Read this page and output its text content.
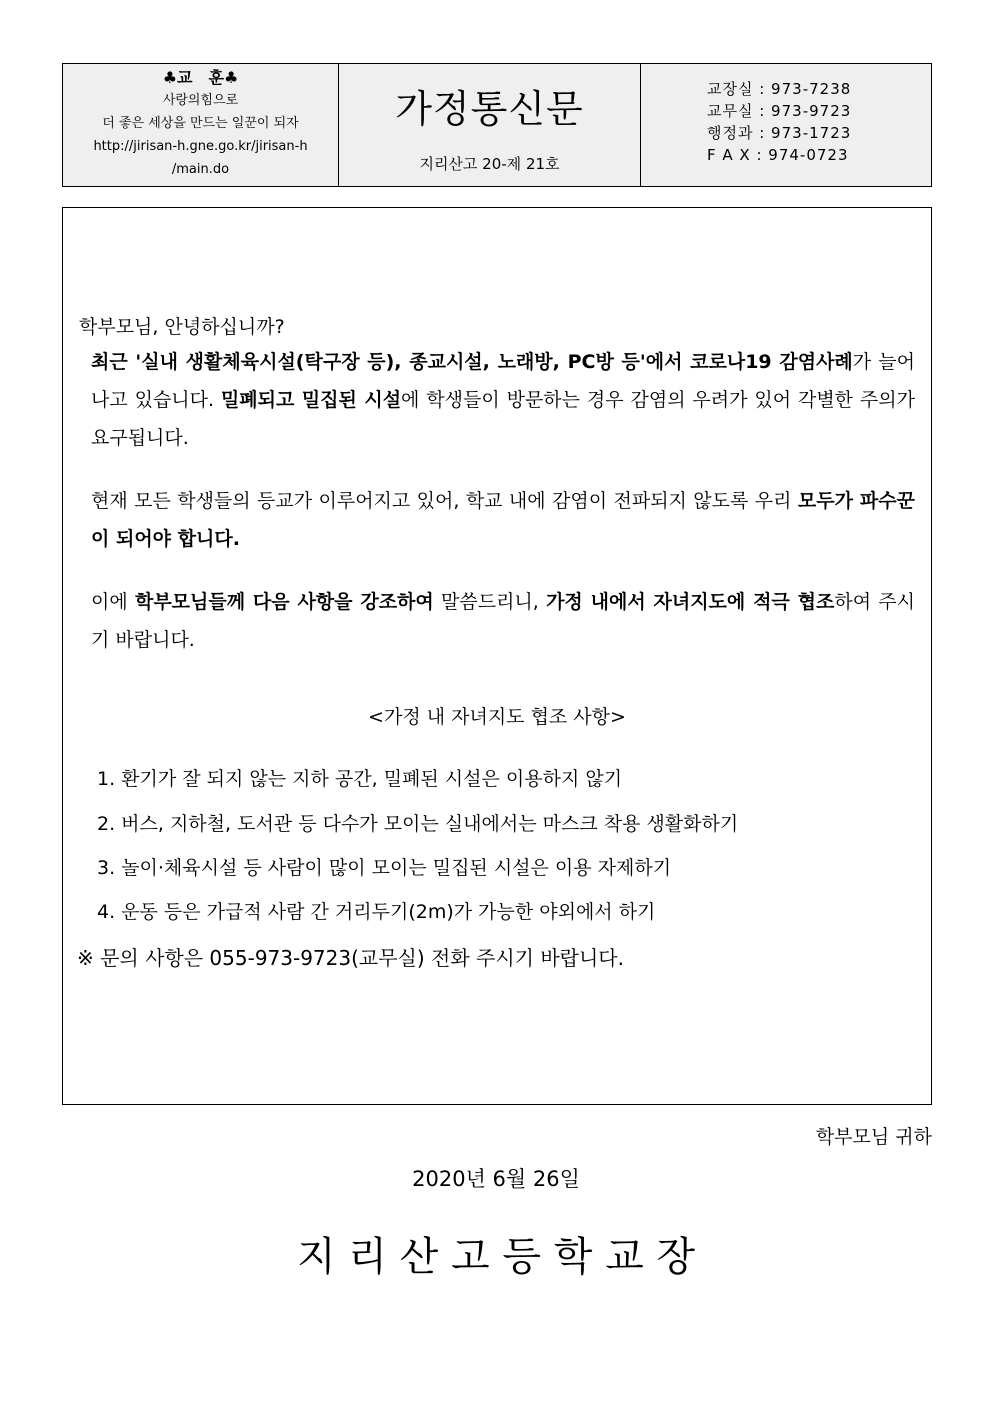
♣교　훈♣
사랑의힘으로
더 좋은 세상을 만드는 일꾼이 되자
http://jirisan-h.gne.go.kr/jirisan-h
/main.do
가정통신문
지리산고 20-제 21호
교장실 : 973-7238
교무실 : 973-9723
행정과 : 973-1723
F A X : 974-0723
학부모님, 안녕하십니까?
최근 '실내 생활체육시설(탁구장 등), 종교시설, 노래방, PC방 등'에서 코로나19 감염사례가 늘어나고 있습니다. 밀폐되고 밀집된 시설에 학생들이 방문하는 경우 감염의 우려가 있어 각별한 주의가 요구됩니다.
현재 모든 학생들의 등교가 이루어지고 있어, 학교 내에 감염이 전파되지 않도록 우리 모두가 파수꾼이 되어야 합니다.
이에 학부모님들께 다음 사항을 강조하여 말씀드리니, 가정 내에서 자녀지도에 적극 협조하여 주시기 바랍니다.
<가정 내 자녀지도 협조 사항>
1. 환기가 잘 되지 않는 지하 공간, 밀폐된 시설은 이용하지 않기
2. 버스, 지하철, 도서관 등 다수가 모이는 실내에서는 마스크 착용 생활화하기
3. 놀이·체육시설 등 사람이 많이 모이는 밀집된 시설은 이용 자제하기
4. 운동 등은 가급적 사람 간 거리두기(2m)가 가능한 야외에서 하기
※ 문의 사항은 055-973-9723(교무실) 전화 주시기 바랍니다.
학부모님 귀하
2020년 6월 26일
지 리 산 고 등 학 교 장
